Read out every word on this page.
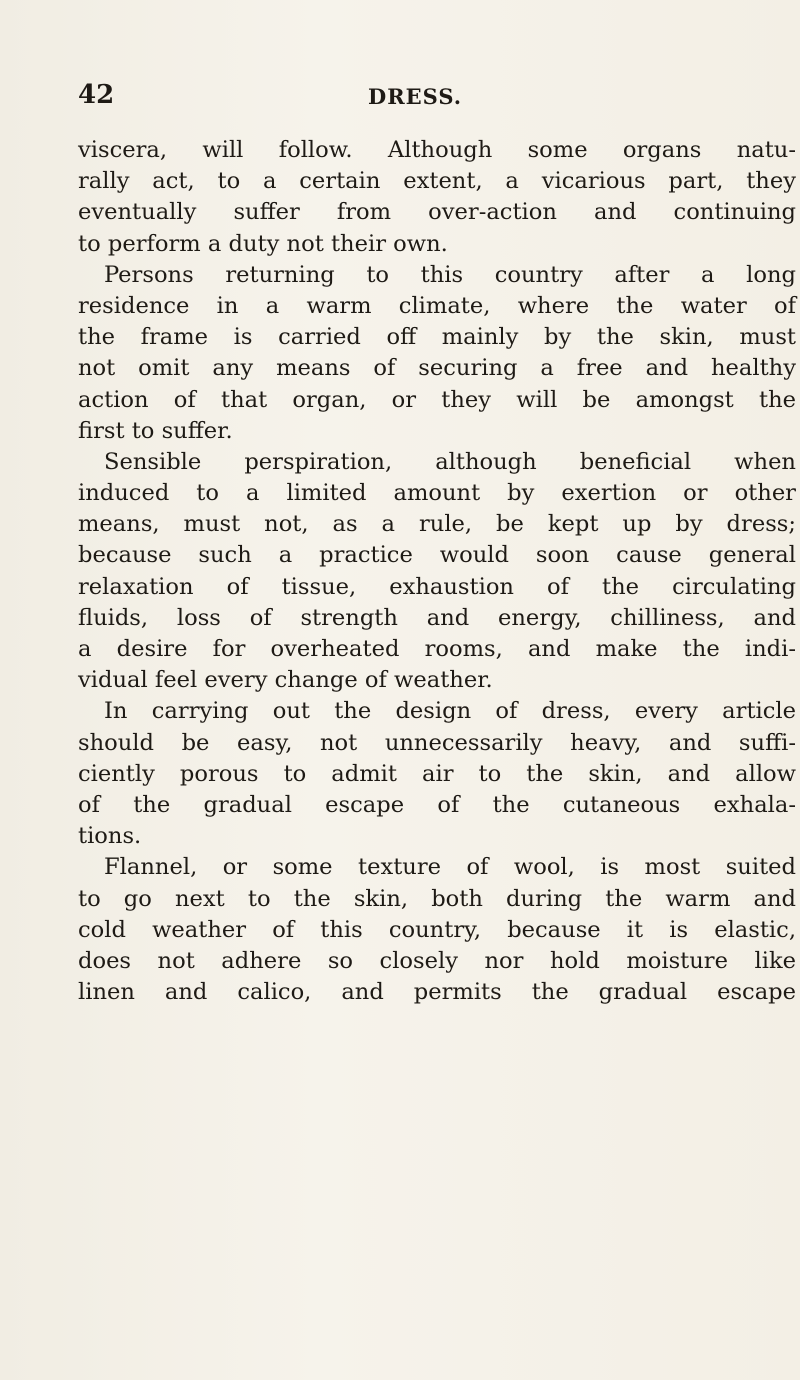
42	DRESS.
viscera, will follow. Although some organs natu-
rally act, to a certain extent, a vicarious part, they
eventually suffer from over-action and continuing
to perform a duty not their own.
Persons returning to this country after a long
residence in a warm climate, where the water of
the frame is carried off mainly by the skin, must
not omit any means of securing a free and healthy
action of that organ, or they will be amongst the
first to suffer.
Sensible perspiration, although beneficial when
induced to a limited amount by exertion or other
means, must not, as a rule, be kept up by dress;
because such a practice would soon cause general
relaxation of tissue, exhaustion of the circulating
fluids, loss of strength and energy, chilliness, and
a desire for overheated rooms, and make the indi-
vidual feel every change of weather.
In carrying out the design of dress, every article
should be easy, not unnecessarily heavy, and suffi-
ciently porous to admit air to the skin, and allow
of the gradual escape of the cutaneous exhala-
tions.
Flannel, or some texture of wool, is most suited
to go next to the skin, both during the warm and
cold weather of this country, because it is elastic,
does not adhere so closely nor hold moisture like
linen and calico, and permits the gradual escape
